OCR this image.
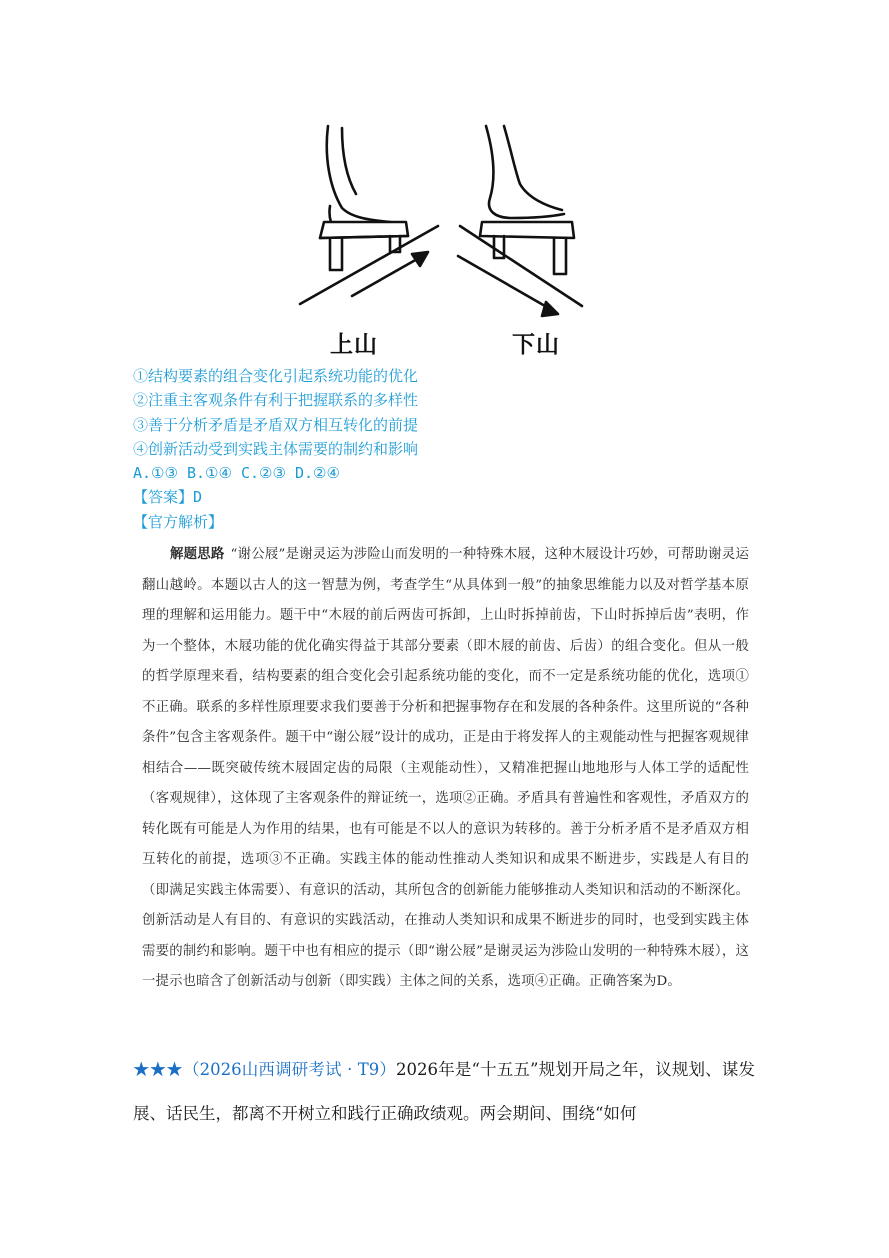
上山	下山
①结构要素的组合变化引起系统功能的优化
②注重主客观条件有利于把握联系的多样性
③善于分析矛盾是矛盾双方相互转化的前提
④创新活动受到实践主体需要的制约和影响
A.①③ B.①④ C.②③ D.②④
【答案】D
【官方解析】
解题思路 “谢公屐”是谢灵运为涉险山而发明的一种特殊木屐，这种木屐设计巧妙，可帮助谢灵运翻山越岭。本题以古人的这一智慧为例，考查学生“从具体到一般”的抽象思维能力以及对哲学基本原理的理解和运用能力。题干中“木屐的前后两齿可拆卸，上山时拆掉前齿，下山时拆掉后齿”表明，作为一个整体，木屐功能的优化确实得益于其部分要素（即木屐的前齿、后齿）的组合变化。但从一般的哲学原理来看，结构要素的组合变化会引起系统功能的变化，而不一定是系统功能的优化，选项①不正确。联系的多样性原理要求我们要善于分析和把握事物存在和发展的各种条件。这里所说的“各种条件”包含主客观条件。题干中“谢公屐”设计的成功，正是由于将发挥人的主观能动性与把握客观规律相结合——既突破传统木屐固定齿的局限（主观能动性），又精准把握山地地形与人体工学的适配性（客观规律），这体现了主客观条件的辩证统一，选项②正确。矛盾具有普遍性和客观性，矛盾双方的转化既有可能是人为作用的结果，也有可能是不以人的意识为转移的。善于分析矛盾不是矛盾双方相互转化的前提，选项③不正确。实践主体的能动性推动人类知识和成果不断进步，实践是人有目的（即满足实践主体需要）、有意识的活动，其所包含的创新能力能够推动人类知识和活动的不断深化。创新活动是人有目的、有意识的实践活动，在推动人类知识和成果不断进步的同时，也受到实践主体需要的制约和影响。题干中也有相应的提示（即“谢公屐”是谢灵运为涉险山发明的一种特殊木屐），这一提示也暗含了创新活动与创新（即实践）主体之间的关系，选项④正确。正确答案为D。
★★★（2026山西调研考试 · T9）2026年是“十五五”规划开局之年，议规划、谋发展、话民生，都离不开树立和践行正确政绩观。两会期间、围绕“如何
